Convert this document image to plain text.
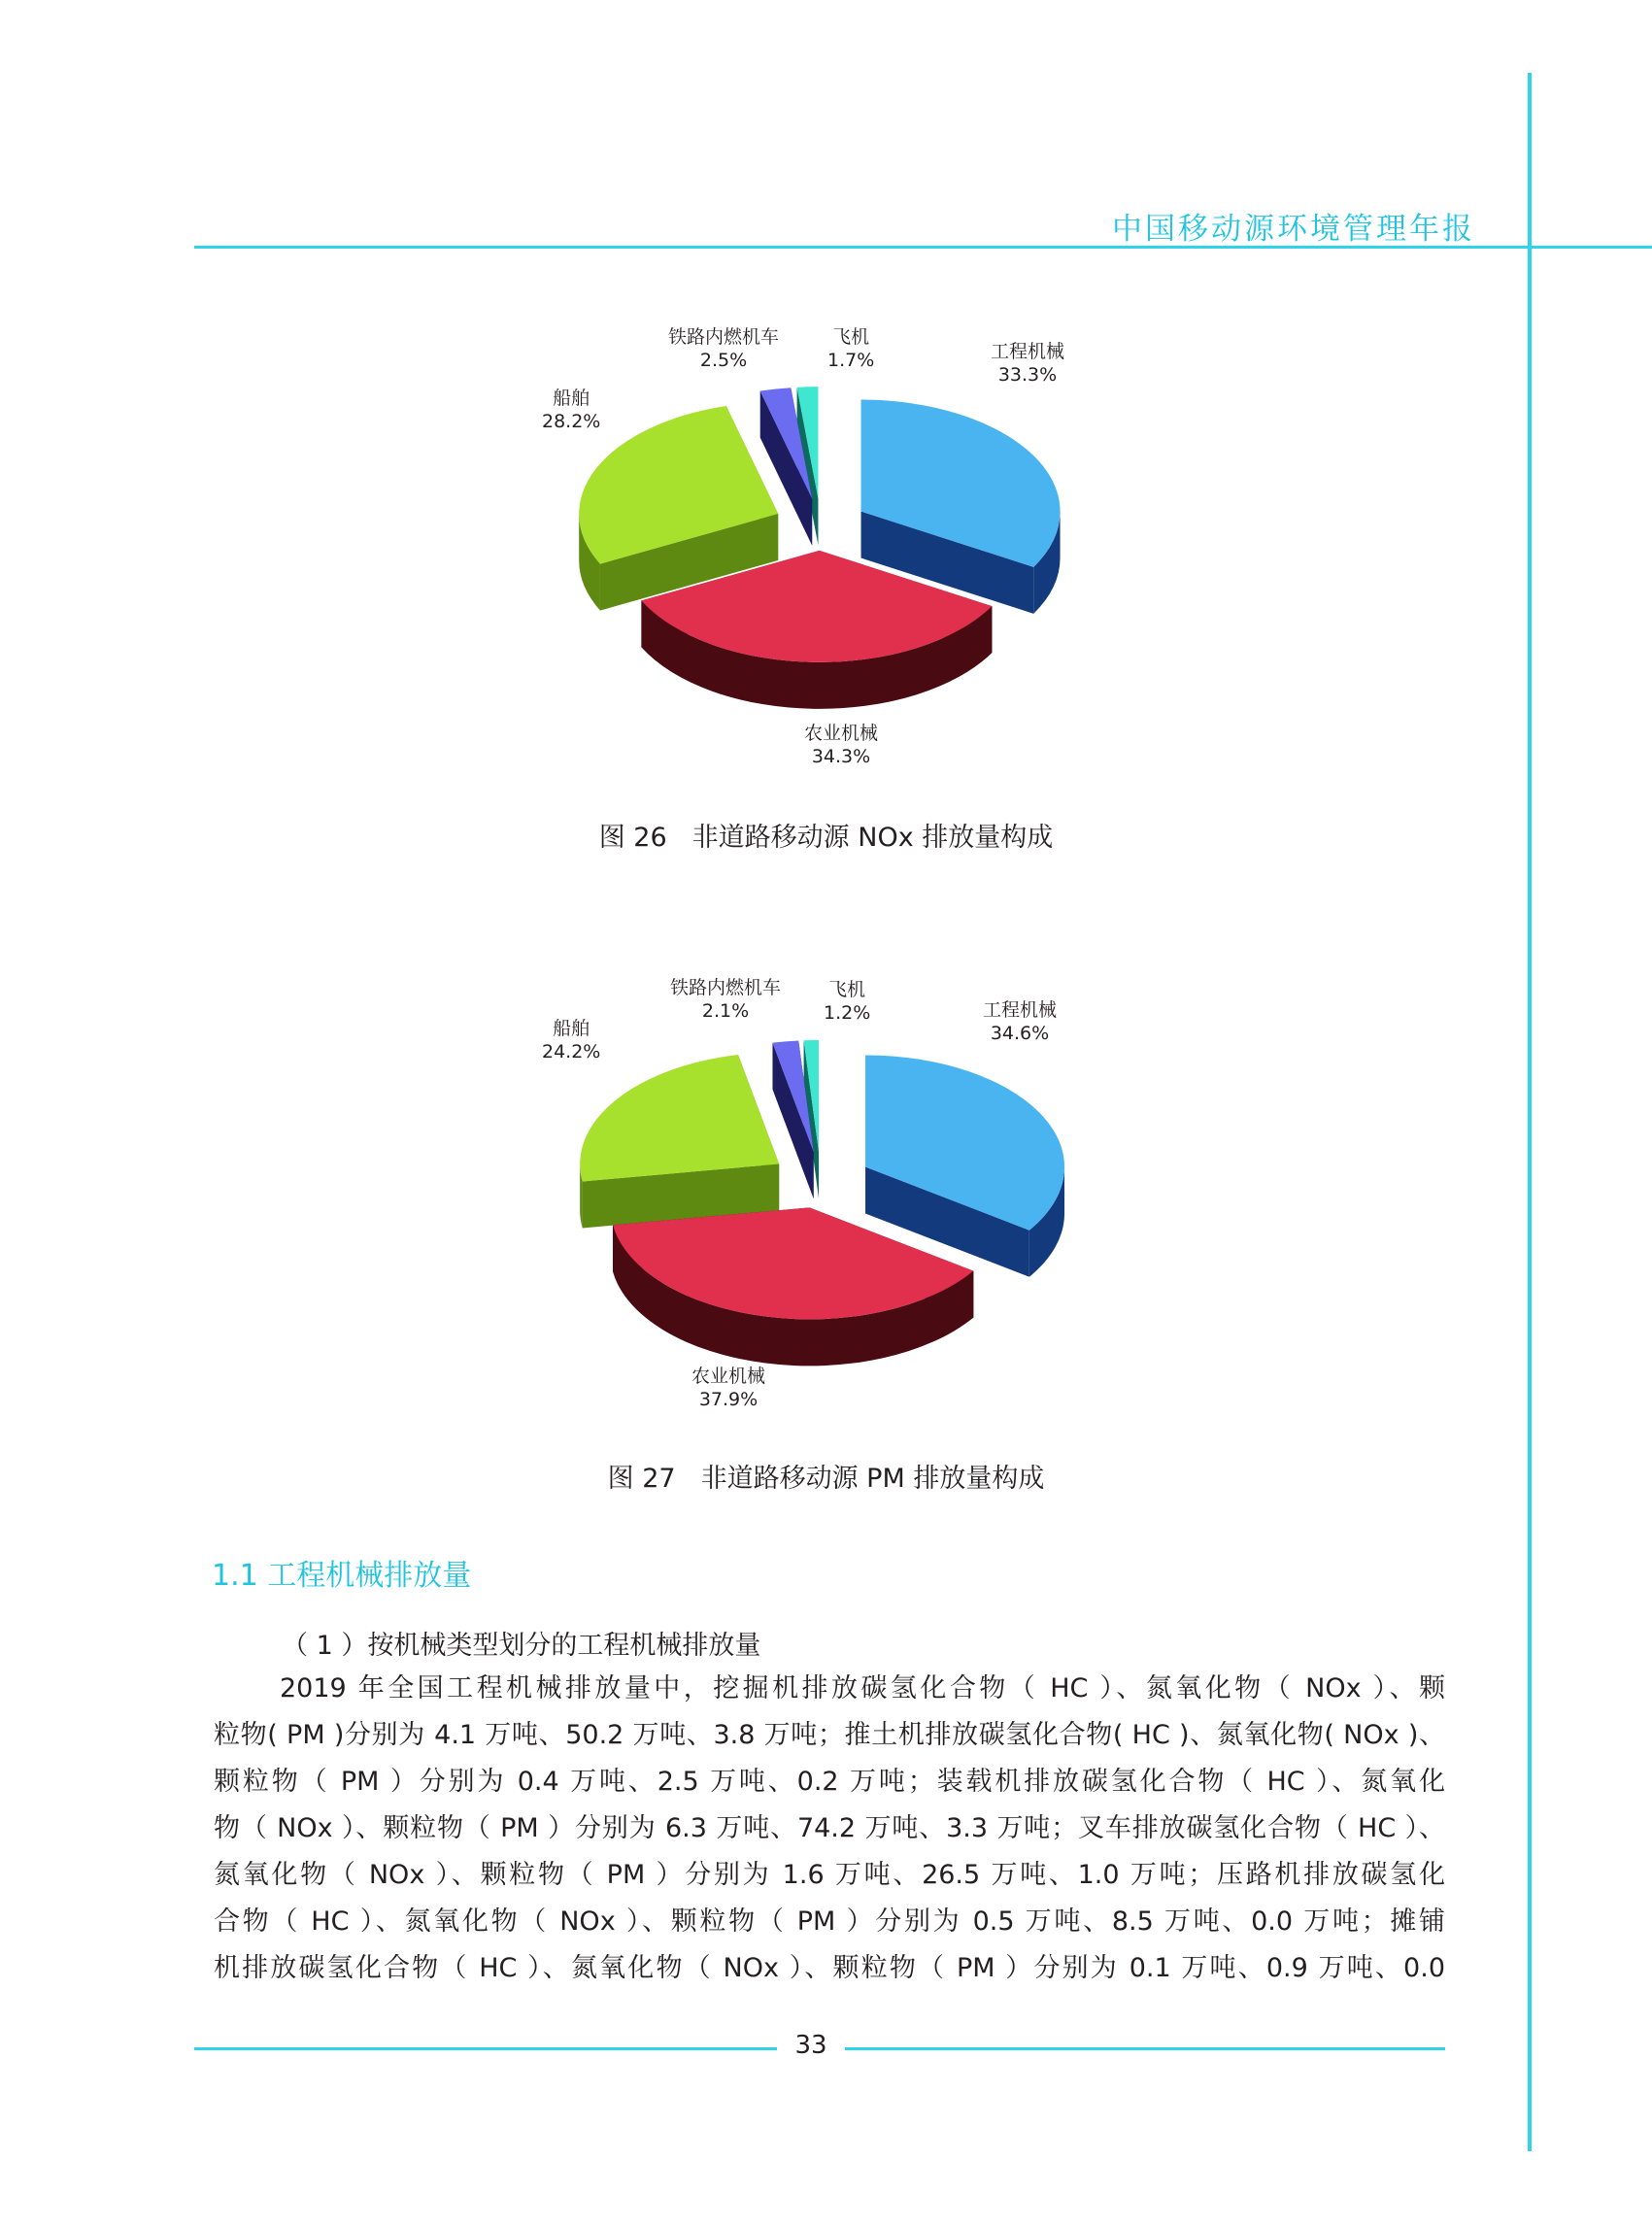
中国移动源环境管理年报
工程机械
33.3%
农业机械
34.3%
船舶
28.2%
铁路内燃机车
2.5%
飞机
1.7%
图 26 非道路移动源 NOx 排放量构成
工程机械
34.6%
农业机械
37.9%
船舶
24.2%
铁路内燃机车
2.1%
飞机
1.2%
图 27 非道路移动源 PM 排放量构成
1.1 工程机械排放量
（ 1 ）按机械类型划分的工程机械排放量
2019 年全国工程机械排放量中，挖掘机排放碳氢化合物（ HC ）、氮氧化物（ NOx ）、颗
粒物( PM )分别为 4.1 万吨、50.2 万吨、3.8 万吨；推土机排放碳氢化合物( HC )、氮氧化物( NOx )、
颗粒物（ PM ）分别为 0.4 万吨、2.5 万吨、0.2 万吨；装载机排放碳氢化合物（ HC ）、氮氧化
物（ NOx ）、颗粒物（ PM ）分别为 6.3 万吨、74.2 万吨、3.3 万吨；叉车排放碳氢化合物（ HC ）、
氮氧化物（ NOx ）、颗粒物（ PM ）分别为 1.6 万吨、26.5 万吨、1.0 万吨；压路机排放碳氢化
合物（ HC ）、氮氧化物（ NOx ）、颗粒物（ PM ）分别为 0.5 万吨、8.5 万吨、0.0 万吨；摊铺
机排放碳氢化合物（ HC ）、氮氧化物（ NOx ）、颗粒物（ PM ）分别为 0.1 万吨、0.9 万吨、0.0
33
